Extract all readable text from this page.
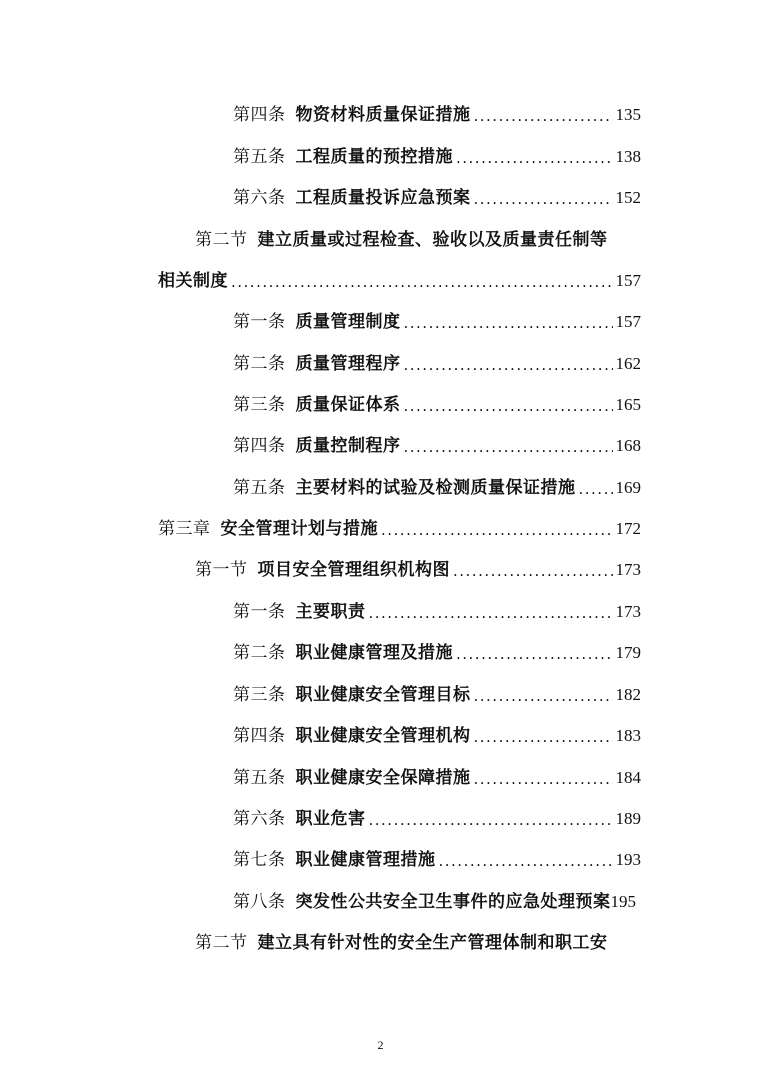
第四条 物资材料质量保证措施 .....	135
第五条 工程质量的预控措施 .....	138
第六条 工程质量投诉应急预案 .....	152
第二节 建立质量或过程检查、验收以及质量责任制等
相关制度 .....	157
第一条 质量管理制度 .....	157
第二条 质量管理程序 .....	162
第三条 质量保证体系 .....	165
第四条 质量控制程序 .....	168
第五条 主要材料的试验及检测质量保证措施 ..... 169
第三章 安全管理计划与措施 .....	172
第一节 项目安全管理组织机构图 .....	173
第一条 主要职责 .....	173
第二条 职业健康管理及措施 .....	179
第三条 职业健康安全管理目标 .....	182
第四条 职业健康安全管理机构 .....	183
第五条 职业健康安全保障措施 .....	184
第六条 职业危害 .....	189
第七条 职业健康管理措施 .....	193
第八条 突发性公共安全卫生事件的应急处理预案 195
第二节 建立具有针对性的安全生产管理体制和职工安
2
